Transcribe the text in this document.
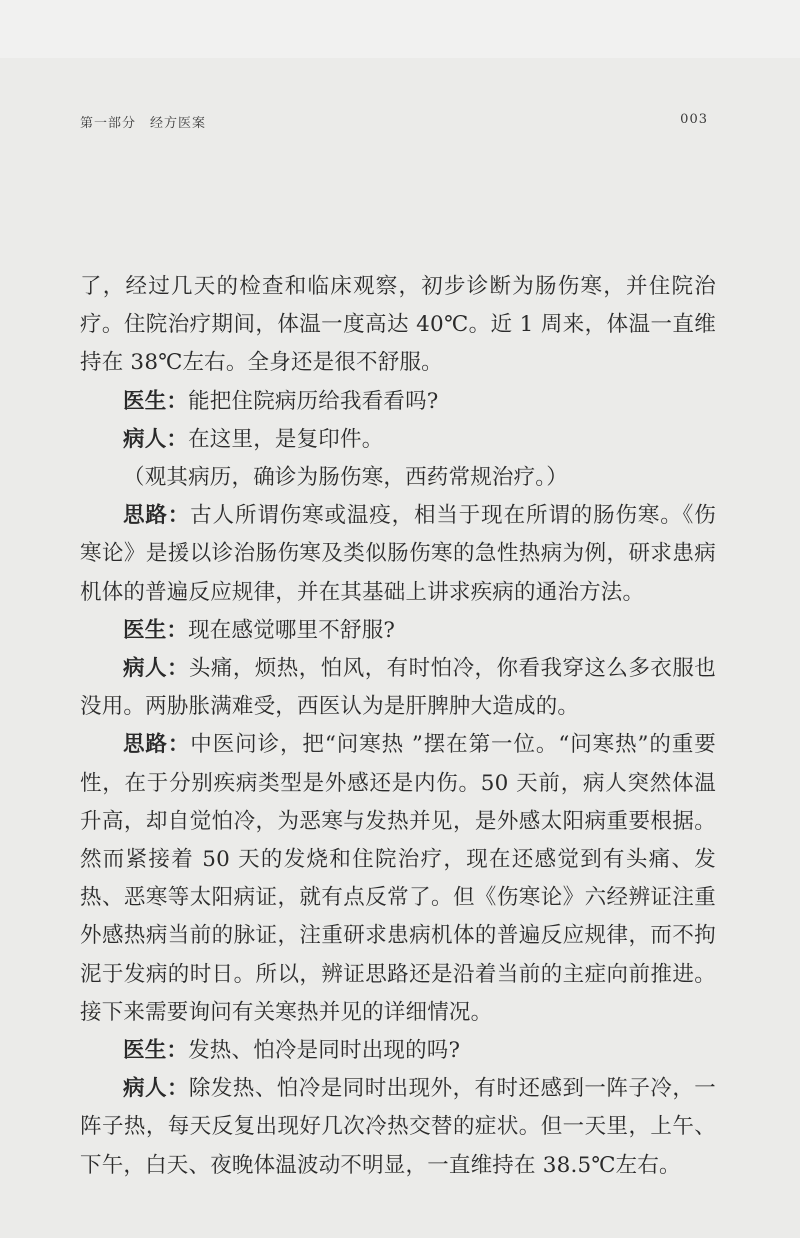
第一部分　经方医案	003

了，经过几天的检查和临床观察，初步诊断为肠伤寒，并住院治疗。住院治疗期间，体温一度高达 40℃。近 1 周来，体温一直维持在 38℃左右。全身还是很不舒服。

医生：能把住院病历给我看看吗?

病人：在这里，是复印件。

（观其病历，确诊为肠伤寒，西药常规治疗。）

思路：古人所谓伤寒或温疫，相当于现在所谓的肠伤寒。《伤寒论》是援以诊治肠伤寒及类似肠伤寒的急性热病为例，研求患病机体的普遍反应规律，并在其基础上讲求疾病的通治方法。

医生：现在感觉哪里不舒服?

病人：头痛，烦热，怕风，有时怕冷，你看我穿这么多衣服也没用。两胁胀满难受，西医认为是肝脾肿大造成的。

思路：中医问诊，把“问寒热 ”摆在第一位。“问寒热”的重要性，在于分别疾病类型是外感还是内伤。50 天前，病人突然体温升高，却自觉怕冷，为恶寒与发热并见，是外感太阳病重要根据。然而紧接着 50 天的发烧和住院治疗，现在还感觉到有头痛、发热、恶寒等太阳病证，就有点反常了。但《伤寒论》六经辨证注重外感热病当前的脉证，注重研求患病机体的普遍反应规律，而不拘泥于发病的时日。所以，辨证思路还是沿着当前的主症向前推进。接下来需要询问有关寒热并见的详细情况。

医生：发热、怕冷是同时出现的吗?

病人：除发热、怕冷是同时出现外，有时还感到一阵子冷，一阵子热，每天反复出现好几次冷热交替的症状。但一天里，上午、下午，白天、夜晚体温波动不明显，一直维持在 38.5℃左右。
